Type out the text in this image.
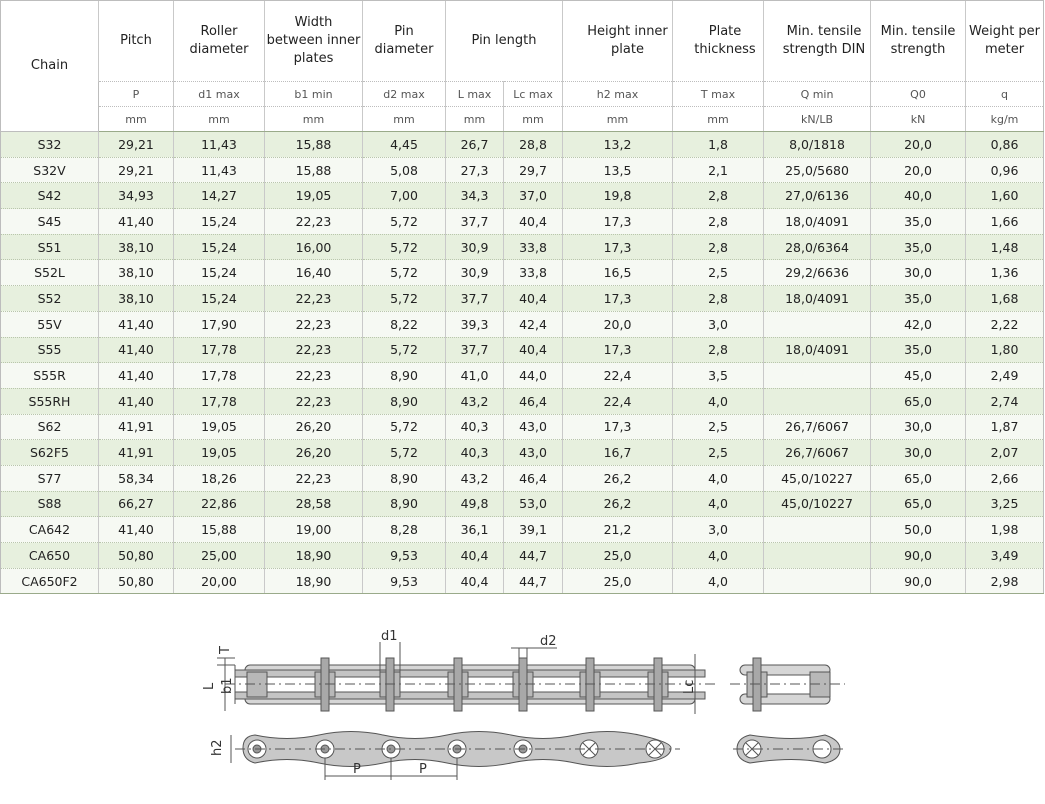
Chain	Pitch	Roller diameter	Width between inner plates	Pin diameter	Pin length		Height inner plate	Plate thickness	Min. tensile strength DIN	Min. tensile strength	Weight per meter
	P	d1 max	b1 min	d2 max	L max	Lc max	h2 max	T max	Q min	Q0	q
	mm	mm	mm	mm	mm	mm	mm	mm	kN/LB	kN	kg/m
S32	29,21	11,43	15,88	4,45	26,7	28,8	13,2	1,8	8,0/1818	20,0	0,86
S32V	29,21	11,43	15,88	5,08	27,3	29,7	13,5	2,1	25,0/5680	20,0	0,96
S42	34,93	14,27	19,05	7,00	34,3	37,0	19,8	2,8	27,0/6136	40,0	1,60
S45	41,40	15,24	22,23	5,72	37,7	40,4	17,3	2,8	18,0/4091	35,0	1,66
S51	38,10	15,24	16,00	5,72	30,9	33,8	17,3	2,8	28,0/6364	35,0	1,48
S52L	38,10	15,24	16,40	5,72	30,9	33,8	16,5	2,5	29,2/6636	30,0	1,36
S52	38,10	15,24	22,23	5,72	37,7	40,4	17,3	2,8	18,0/4091	35,0	1,68
55V	41,40	17,90	22,23	8,22	39,3	42,4	20,0	3,0		42,0	2,22
S55	41,40	17,78	22,23	5,72	37,7	40,4	17,3	2,8	18,0/4091	35,0	1,80
S55R	41,40	17,78	22,23	8,90	41,0	44,0	22,4	3,5		45,0	2,49
S55RH	41,40	17,78	22,23	8,90	43,2	46,4	22,4	4,0		65,0	2,74
S62	41,91	19,05	26,20	5,72	40,3	43,0	17,3	2,5	26,7/6067	30,0	1,87
S62F5	41,91	19,05	26,20	5,72	40,3	43,0	16,7	2,5	26,7/6067	30,0	2,07
S77	58,34	18,26	22,23	8,90	43,2	46,4	26,2	4,0	45,0/10227	65,0	2,66
S88	66,27	22,86	28,58	8,90	49,8	53,0	26,2	4,0	45,0/10227	65,0	3,25
CA642	41,40	15,88	19,00	8,28	36,1	39,1	21,2	3,0		50,0	1,98
CA650	50,80	25,00	18,90	9,53	40,4	44,7	25,0	4,0		90,0	3,49
CA650F2	50,80	20,00	18,90	9,53	40,4	44,7	25,0	4,0		90,0	2,98
d1	d2
T
L b1	Lc
h2
P	P
